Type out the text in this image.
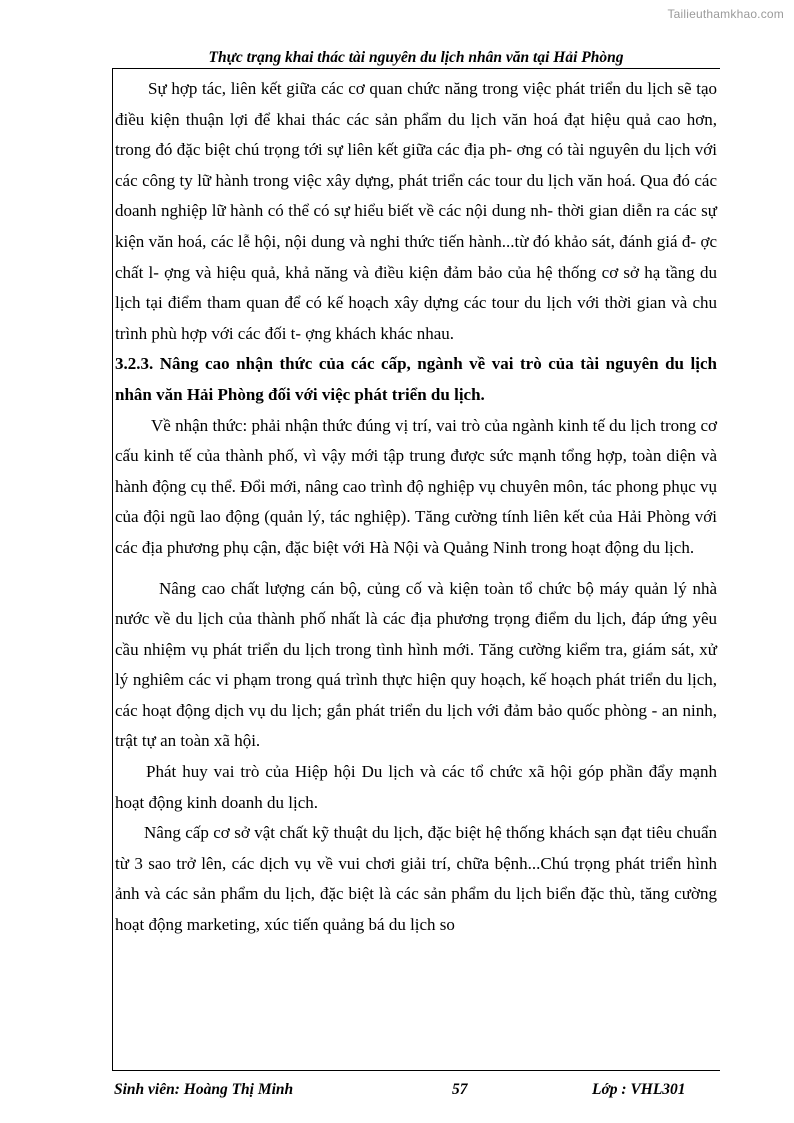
Tailieuthamkhao.com
Thực trạng khai thác tài nguyên du lịch nhân văn tại Hải Phòng

Sự hợp tác, liên kết giữa các cơ quan chức năng trong việc phát triển du lịch sẽ tạo điều kiện thuận lợi để khai thác các sản phẩm du lịch văn hoá đạt hiệu quả cao hơn, trong đó đặc biệt chú trọng tới sự liên kết giữa các địa ph- ơng có tài nguyên du lịch với các công ty lữ hành trong việc xây dựng, phát triển các tour du lịch văn hoá. Qua đó các doanh nghiệp lữ hành có thể có sự hiểu biết về các nội dung nh- thời gian diễn ra các sự kiện văn hoá, các lễ hội, nội dung và nghi thức tiến hành...từ đó khảo sát, đánh giá đ- ợc chất l- ợng và hiệu quả, khả năng và điều kiện đảm bảo của hệ thống cơ sở hạ tầng du lịch tại điểm tham quan để có kế hoạch xây dựng các tour du lịch với thời gian và chu trình phù hợp với các đối t- ợng khách khác nhau.

3.2.3. Nâng cao nhận thức của các cấp, ngành về vai trò của tài nguyên du lịch nhân văn Hải Phòng đối với việc phát triển du lịch.

Về nhận thức: phải nhận thức đúng vị trí, vai trò của ngành kinh tế du lịch trong cơ cấu kinh tế của thành phố, vì vậy mới tập trung được sức mạnh tổng hợp, toàn diện và hành động cụ thể. Đổi mới, nâng cao trình độ nghiệp vụ chuyên môn, tác phong phục vụ của đội ngũ lao động (quản lý, tác nghiệp). Tăng cường tính liên kết của Hải Phòng với các địa phương phụ cận, đặc biệt với Hà Nội và Quảng Ninh trong hoạt động du lịch.

Nâng cao chất lượng cán bộ, củng cố và kiện toàn tổ chức bộ máy quản lý nhà nước về du lịch của thành phố nhất là các địa phương trọng điểm du lịch, đáp ứng yêu cầu nhiệm vụ phát triển du lịch trong tình hình mới. Tăng cường kiểm tra, giám sát, xử lý nghiêm các vi phạm trong quá trình thực hiện quy hoạch, kế hoạch phát triển du lịch, các hoạt động dịch vụ du lịch; gắn phát triển du lịch với đảm bảo quốc phòng - an ninh, trật tự an toàn xã hội.

Phát huy vai trò của Hiệp hội Du lịch và các tổ chức xã hội góp phần đẩy mạnh hoạt động kinh doanh du lịch.

Nâng cấp cơ sở vật chất kỹ thuật du lịch, đặc biệt hệ thống khách sạn đạt tiêu chuẩn từ 3 sao trở lên, các dịch vụ về vui chơi giải trí, chữa bệnh...Chú trọng phát triển hình ảnh và các sản phẩm du lịch, đặc biệt là các sản phẩm du lịch biển đặc thù, tăng cường hoạt động marketing, xúc tiến quảng bá du lịch so

Sinh viên: Hoàng Thị Minh	57	Lớp : VHL301
